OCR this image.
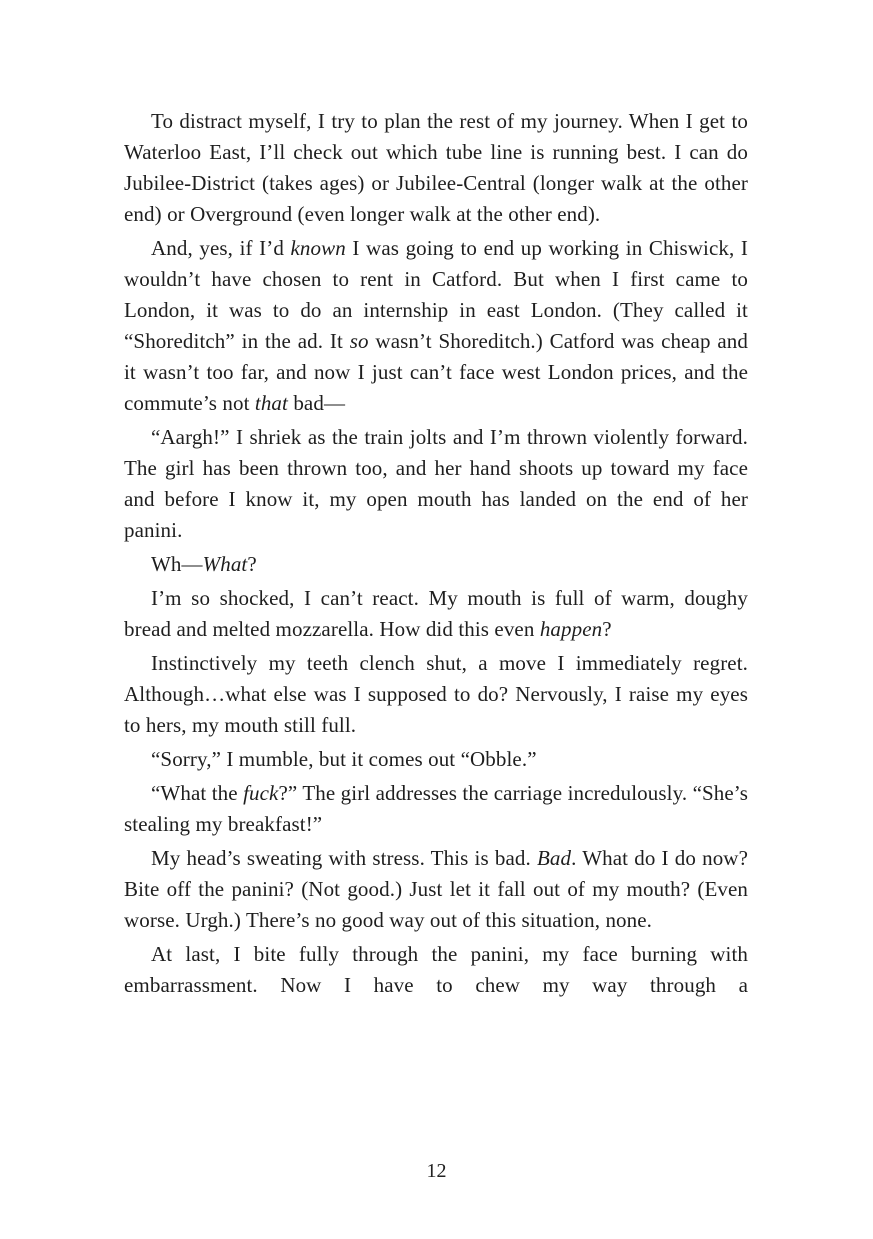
To distract myself, I try to plan the rest of my journey. When I get to Waterloo East, I’ll check out which tube line is running best. I can do Jubilee-District (takes ages) or Jubilee-Central (longer walk at the other end) or Overground (even longer walk at the other end).

And, yes, if I’d known I was going to end up working in Chiswick, I wouldn’t have chosen to rent in Catford. But when I first came to London, it was to do an internship in east London. (They called it “Shoreditch” in the ad. It so wasn’t Shoreditch.) Catford was cheap and it wasn’t too far, and now I just can’t face west London prices, and the commute’s not that bad—

“Aargh!” I shriek as the train jolts and I’m thrown violently forward. The girl has been thrown too, and her hand shoots up toward my face and before I know it, my open mouth has landed on the end of her panini.

Wh—What?

I’m so shocked, I can’t react. My mouth is full of warm, doughy bread and melted mozzarella. How did this even happen?

Instinctively my teeth clench shut, a move I immediately regret. Although…what else was I supposed to do? Nervously, I raise my eyes to hers, my mouth still full.

“Sorry,” I mumble, but it comes out “Obble.”

“What the fuck?” The girl addresses the carriage incredulously. “She’s stealing my breakfast!”

My head’s sweating with stress. This is bad. Bad. What do I do now? Bite off the panini? (Not good.) Just let it fall out of my mouth? (Even worse. Urgh.) There’s no good way out of this situation, none.

At last, I bite fully through the panini, my face burning with embarrassment. Now I have to chew my way through a

12
